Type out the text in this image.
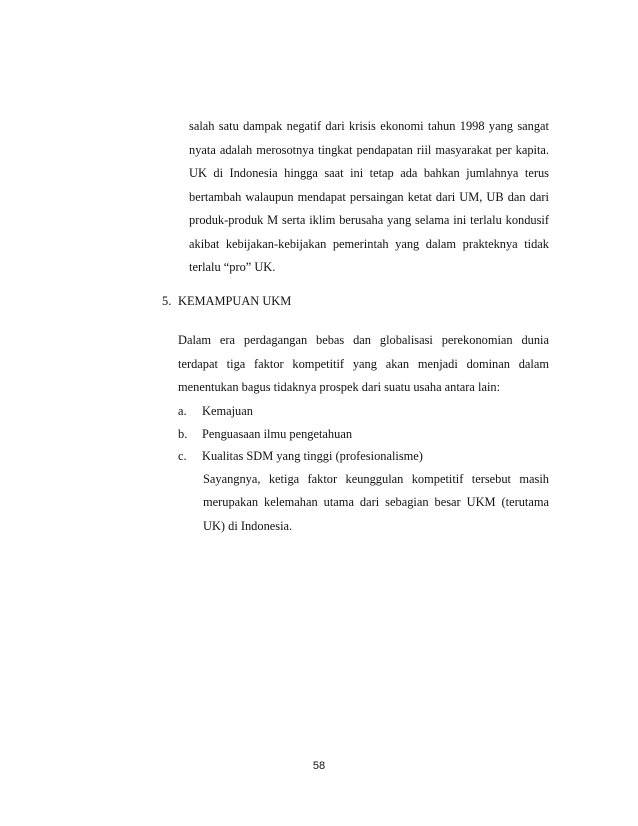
salah satu dampak negatif dari krisis ekonomi tahun 1998 yang sangat

nyata adalah merosotnya tingkat pendapatan riil masyarakat per kapita.

UK di Indonesia hingga saat ini tetap ada bahkan jumlahnya terus

bertambah walaupun mendapat persaingan ketat dari UM, UB dan dari

produk-produk M serta iklim berusaha yang selama ini terlalu kondusif

akibat kebijakan-kebijakan pemerintah yang dalam prakteknya tidak

terlalu “pro” UK.

5. KEMAMPUAN UKM

Dalam era perdagangan bebas dan globalisasi perekonomian dunia

terdapat tiga faktor kompetitif yang akan menjadi dominan dalam

menentukan bagus tidaknya prospek dari suatu usaha antara lain:

a. Kemajuan

b. Penguasaan ilmu pengetahuan

c. Kualitas SDM yang tinggi (profesionalisme)

Sayangnya, ketiga faktor keunggulan kompetitif tersebut masih

merupakan kelemahan utama dari sebagian besar UKM (terutama

UK) di Indonesia.

58
